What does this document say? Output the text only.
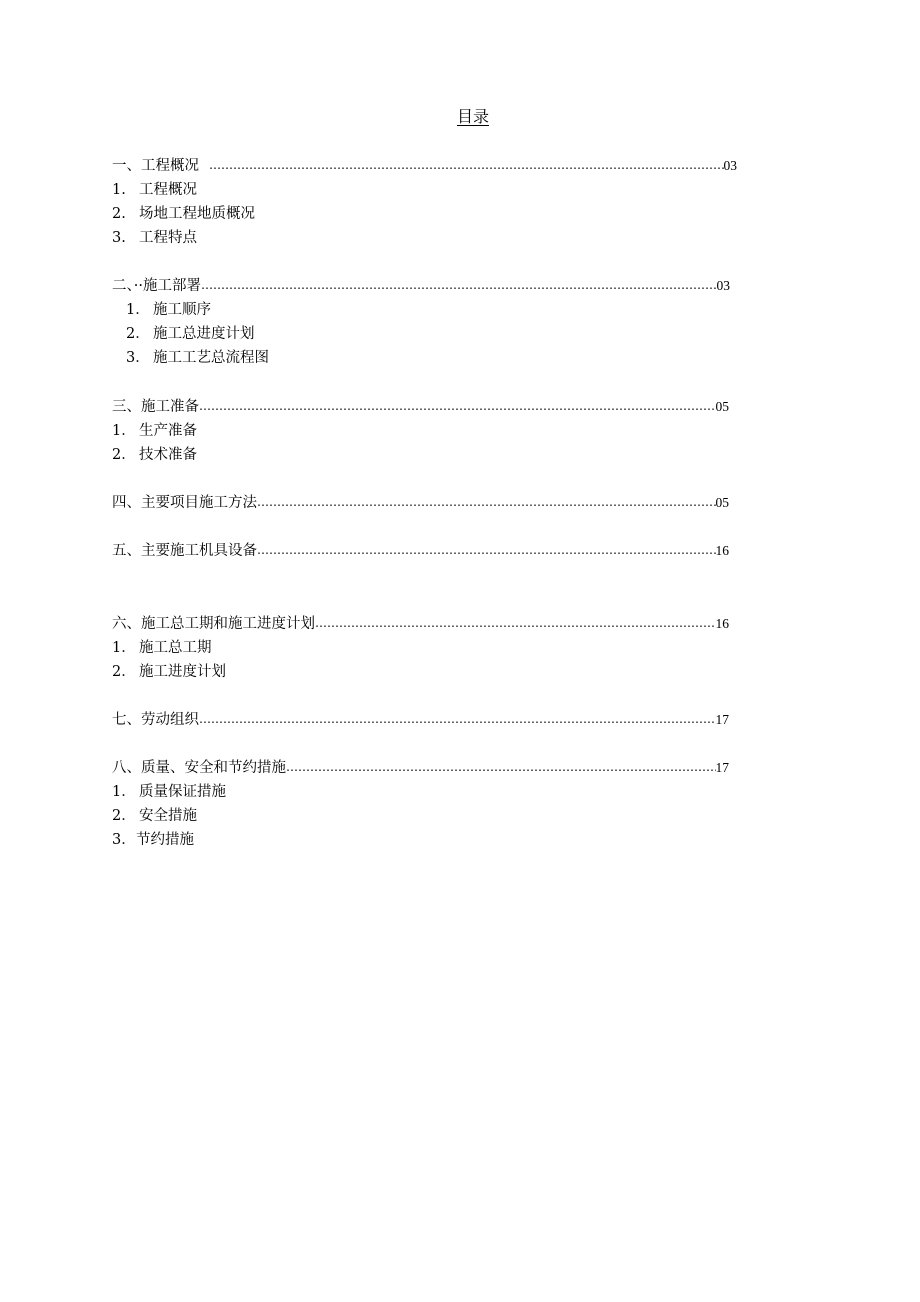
目录
一、工程概况 ……………………………………………………………………………………………………………………………………………………………………………………………………………………………………………………………………………………………………	03
1. 工程概况
2. 场地工程地质概况
3. 工程特点
二、··施工部署 ……………………………………………………………………………………………………………………………………………………………………………………………………………………………………………………………………………………………………	03
1． 施工顺序
2． 施工总进度计划
3． 施工工艺总流程图
三、施工准备 ……………………………………………………………………………………………………………………………………………………………………………………………………………………………………………………………………………………………………	05
1． 生产准备
2． 技术准备
四、主要项目施工方法 ……………………………………………………………………………………………………………………………………………………………………………………………………………………………………………………………………………………………………	05
五、主要施工机具设备 ……………………………………………………………………………………………………………………………………………………………………………………………………………………………………………………………………………………………………	16
六、施工总工期和施工进度计划 ……………………………………………………………………………………………………………………………………………………………………………………………………………………………………………………………………………………………………	16
1． 施工总工期
2． 施工进度计划
七、劳动组织 ……………………………………………………………………………………………………………………………………………………………………………………………………………………………………………………………………………………………………	17
八、质量、安全和节约措施 ……………………………………………………………………………………………………………………………………………………………………………………………………………………………………………………………………………………………………	17
1． 质量保证措施
2． 安全措施
3． 节约措施
